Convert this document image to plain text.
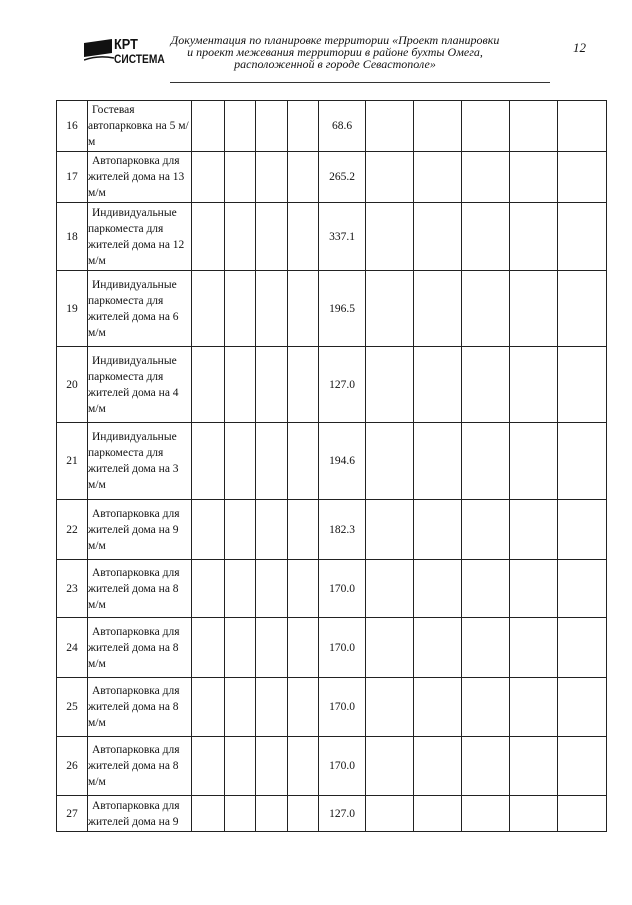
КРТ
СИСТЕМА
Документация по планировке территории «Проект планировки
и проект межевания территории в районе бухты Омега,
расположенной в городе Севастополе»
12
16	Гостевая автопарковка на 5 м/м					68.6					
17	Автопарковка для жителей дома на 13 м/м					265.2					
18	Индивидуальные паркоместа для жителей дома на 12 м/м					337.1					
19	Индивидуальные паркоместа для жителей дома на 6 м/м					196.5					
20	Индивидуальные паркоместа для жителей дома на 4 м/м					127.0					
21	Индивидуальные паркоместа для жителей дома на 3 м/м					194.6					
22	Автопарковка для жителей дома на 9 м/м					182.3					
23	Автопарковка для жителей дома на 8 м/м					170.0					
24	Автопарковка для жителей дома на 8 м/м					170.0					
25	Автопарковка для жителей дома на 8 м/м					170.0					
26	Автопарковка для жителей дома на 8 м/м					170.0					
27	Автопарковка для жителей дома на 9					127.0					
